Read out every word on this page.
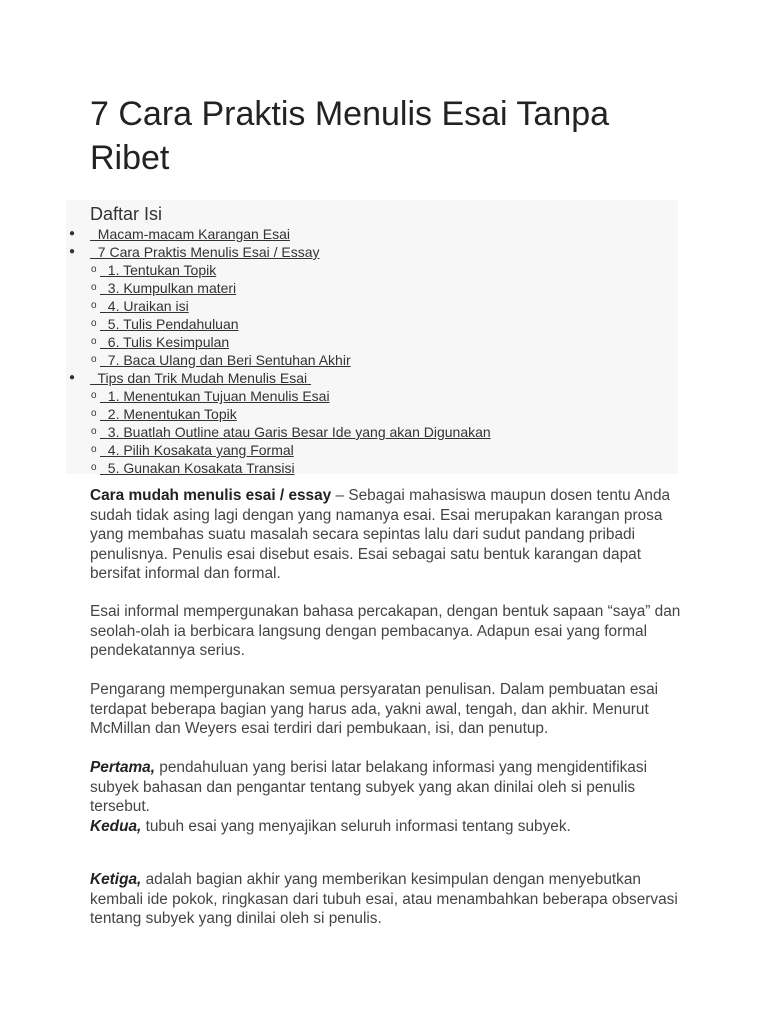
7 Cara Praktis Menulis Esai Tanpa Ribet
Daftar Isi
● Macam-macam Karangan Esai
● 7 Cara Praktis Menulis Esai / Essay
o 1. Tentukan Topik
o 3. Kumpulkan materi
o 4. Uraikan isi
o 5. Tulis Pendahuluan
o 6. Tulis Kesimpulan
o 7. Baca Ulang dan Beri Sentuhan Akhir
● Tips dan Trik Mudah Menulis Esai
o 1. Menentukan Tujuan Menulis Esai
o 2. Menentukan Topik
o 3. Buatlah Outline atau Garis Besar Ide yang akan Digunakan
o 4. Pilih Kosakata yang Formal
o 5. Gunakan Kosakata Transisi

Cara mudah menulis esai / essay – Sebagai mahasiswa maupun dosen tentu Anda sudah tidak asing lagi dengan yang namanya esai. Esai merupakan karangan prosa yang membahas suatu masalah secara sepintas lalu dari sudut pandang pribadi penulisnya. Penulis esai disebut esais. Esai sebagai satu bentuk karangan dapat bersifat informal dan formal.

Esai informal mempergunakan bahasa percakapan, dengan bentuk sapaan “saya” dan seolah-olah ia berbicara langsung dengan pembacanya. Adapun esai yang formal pendekatannya serius.

Pengarang mempergunakan semua persyaratan penulisan. Dalam pembuatan esai terdapat beberapa bagian yang harus ada, yakni awal, tengah, dan akhir. Menurut McMillan dan Weyers esai terdiri dari pembukaan, isi, dan penutup.

Pertama, pendahuluan yang berisi latar belakang informasi yang mengidentifikasi subyek bahasan dan pengantar tentang subyek yang akan dinilai oleh si penulis tersebut.
Kedua, tubuh esai yang menyajikan seluruh informasi tentang subyek.

Ketiga, adalah bagian akhir yang memberikan kesimpulan dengan menyebutkan kembali ide pokok, ringkasan dari tubuh esai, atau menambahkan beberapa observasi tentang subyek yang dinilai oleh si penulis.
